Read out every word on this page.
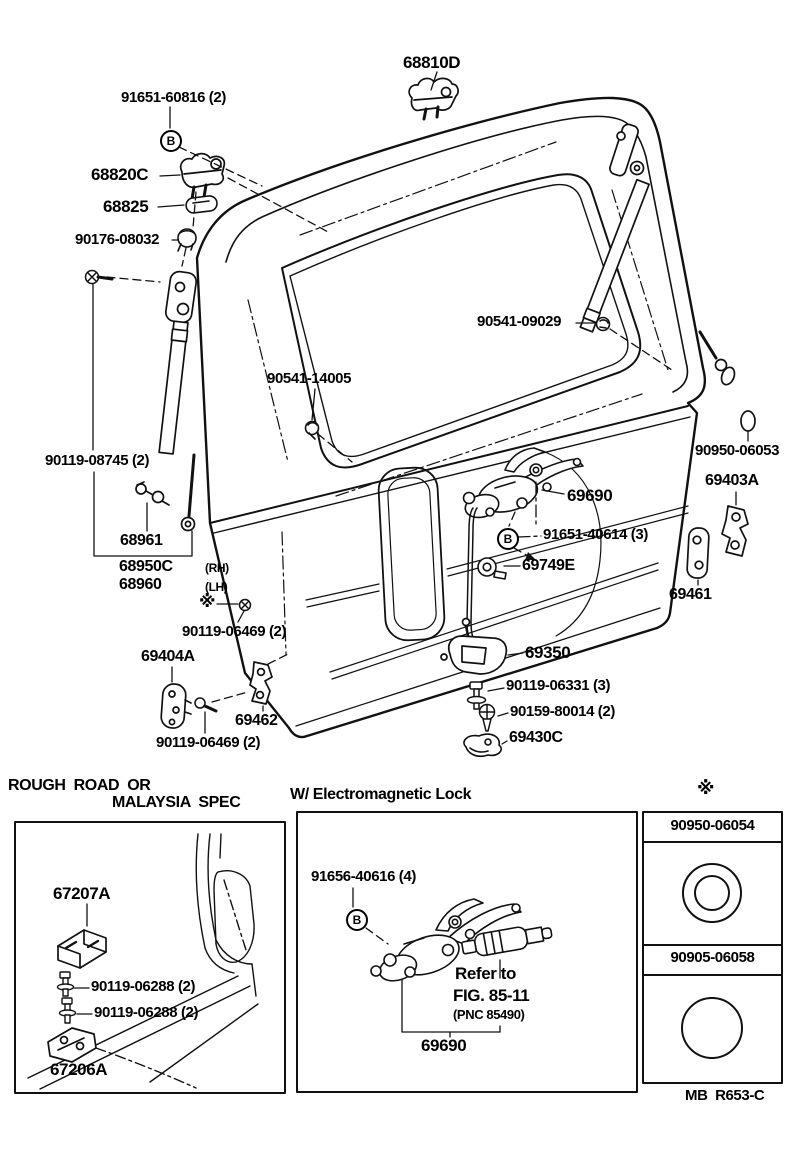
68810D
91651-60816 (2)
B
68820C
68825
90176-08032
90541-09029
90541-14005
90119-08745 (2)
68961
68950C	(RH)
68960	(LH)
※
90119-06469 (2)
69404A
69462
90119-06469 (2)
69690
B	91651-40614 (3)
69749E
69350
90119-06331 (3)
90159-80014 (2)
69430C
90950-06053
69403A
69461
ROUGH  ROAD  OR
MALAYSIA  SPEC	W/ Electromagnetic Lock
67207A
90119-06288 (2)
90119-06288 (2)
67206A
91656-40616 (4)
B
Refer to
FIG. 85-11
(PNC 85490)
69690
※
90950-06054
90905-06058
MB  R653-C
